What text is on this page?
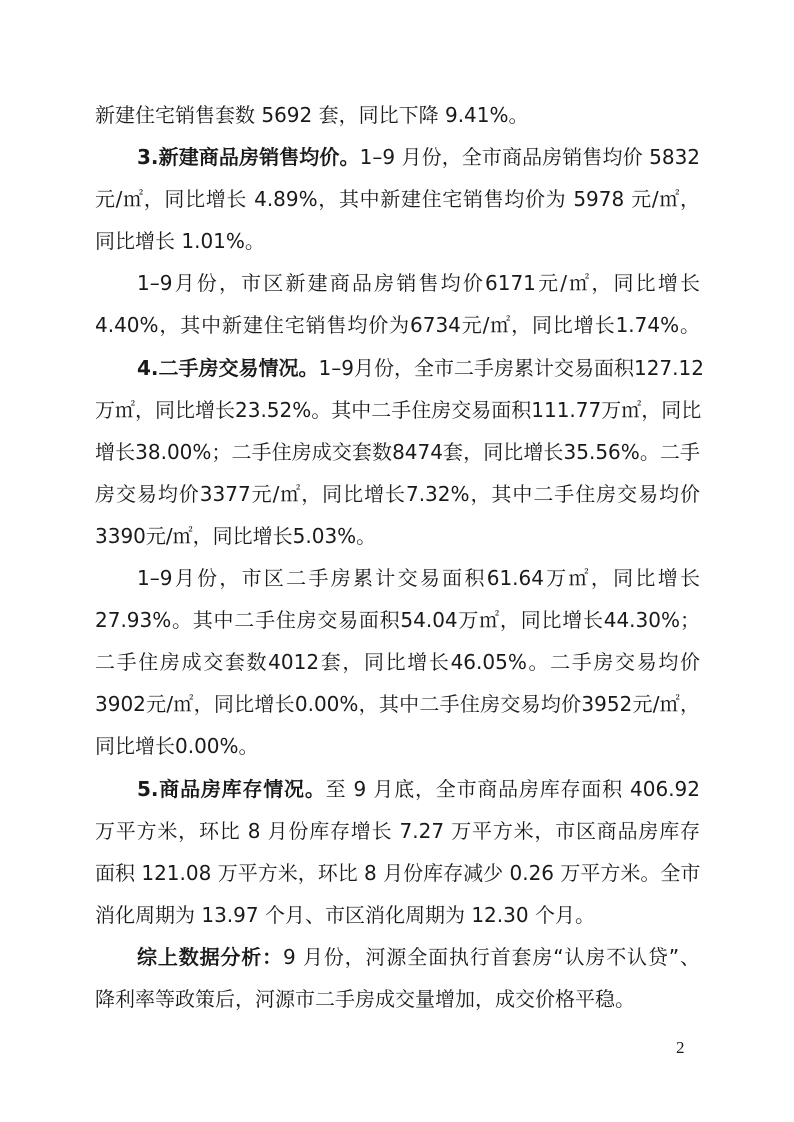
新建住宅销售套数 5692 套，同比下降 9.41%。
3.新建商品房销售均价。1–9 月份，全市商品房销售均价 5832
元/㎡，同比增长 4.89%，其中新建住宅销售均价为 5978 元/㎡，
同比增长 1.01%。
1–9月份，市区新建商品房销售均价6171元/㎡，同比增长
4.40%，其中新建住宅销售均价为6734元/㎡，同比增长1.74%。
4.二手房交易情况。1–9月份，全市二手房累计交易面积127.12
万㎡，同比增长23.52%。其中二手住房交易面积111.77万㎡，同比
增长38.00%；二手住房成交套数8474套，同比增长35.56%。二手
房交易均价3377元/㎡，同比增长7.32%，其中二手住房交易均价
3390元/㎡，同比增长5.03%。
1–9月份，市区二手房累计交易面积61.64万㎡，同比增长
27.93%。其中二手住房交易面积54.04万㎡，同比增长44.30%；
二手住房成交套数4012套，同比增长46.05%。二手房交易均价
3902元/㎡，同比增长0.00%，其中二手住房交易均价3952元/㎡，
同比增长0.00%。
5.商品房库存情况。至 9 月底，全市商品房库存面积 406.92
万平方米，环比 8 月份库存增长 7.27 万平方米，市区商品房库存
面积 121.08 万平方米，环比 8 月份库存减少 0.26 万平方米。全市
消化周期为 13.97 个月、市区消化周期为 12.30 个月。
综上数据分析：9 月份，河源全面执行首套房“认房不认贷”、
降利率等政策后，河源市二手房成交量增加，成交价格平稳。
2
